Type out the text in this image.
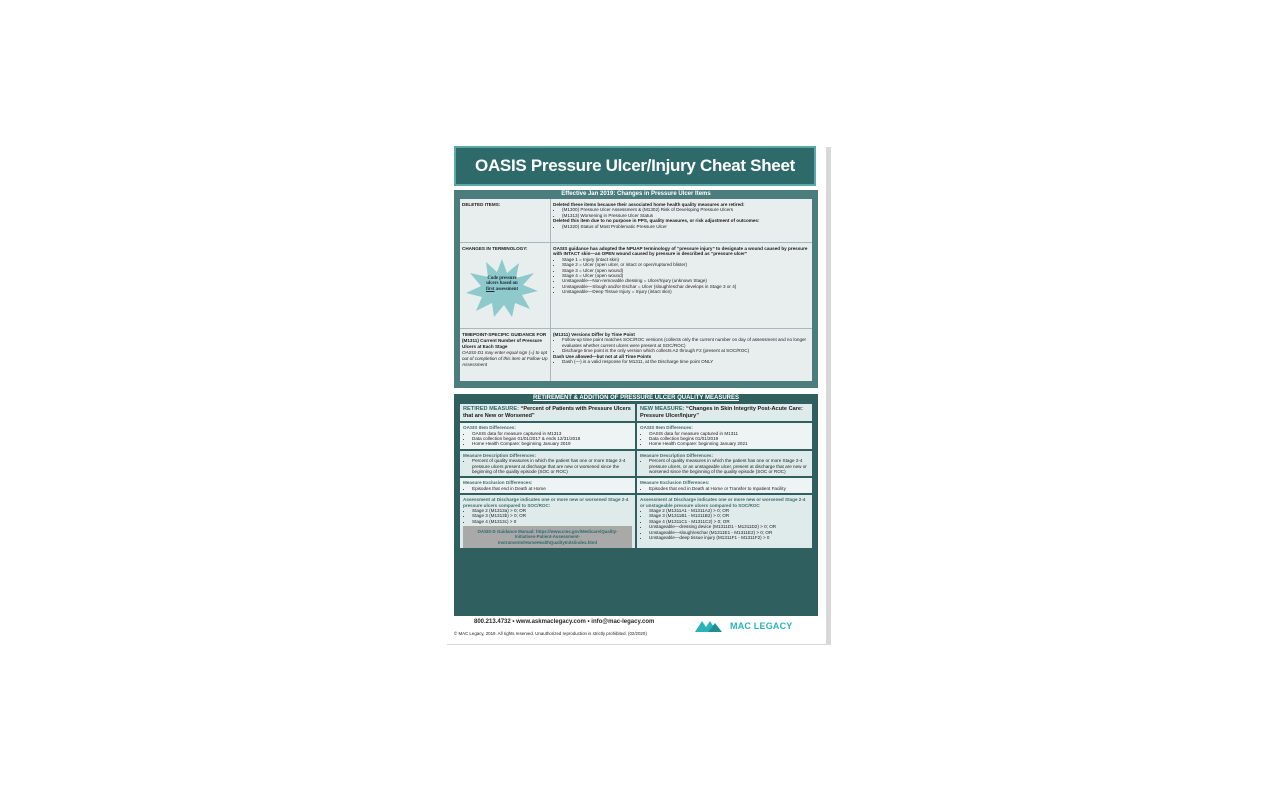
OASIS Pressure Ulcer/Injury Cheat Sheet
Effective Jan 2019: Changes in Pressure Ulcer Items
DELETED ITEMS:	Deleted these items because their associated home health quality measures are retired:
• (M1300) Pressure Ulcer Assessment & (M1302) Risk of Developing Pressure Ulcers
• (M1313) Worsening in Pressure Ulcer Status
Deleted this item due to no purpose in PPS, quality measures, or risk adjustment of outcomes:
• (M1320) Status of Most Problematic Pressure Ulcer
CHANGES IN TERMINOLOGY:
Code pressure
ulcers based on
first assessment
OASIS guidance has adopted the NPUAP terminology of “pressure injury” to designate a wound caused by pressure with INTACT skin—an OPEN wound caused by pressure is described as “pressure ulcer”
• Stage 1 = Injury (intact skin)
• Stage 2 = Ulcer (open ulcer, or intact or open/ruptured blister)
• Stage 3 = Ulcer (open wound)
• Stage 4 = Ulcer (open wound)
• Unstageable—Non-removable dressing = Ulcer/Injury (unknown Stage)
• Unstageable—Slough and/or Eschar = Ulcer (slough/eschar develops in Stage 3 or 4)
• Unstageable—Deep Tissue Injury = Injury (intact skin)
TIMEPOINT-SPECIFIC GUIDANCE FOR (M1311) Current Number of Pressure Ulcers at Each Stage
OASIS-D1 may enter equal sign (=) to opt out of completion of this item at Follow-Up Assessment
(M1311) Versions Differ by Time Point
• Follow-up time point matches SOC/ROC versions (collects only the current number on day of assessment and no longer evaluates whether current ulcers were present at SOC/ROC)
• Discharge time point is the only version which collects A2 through F2 (present at SOC/ROC)
Dash Use allowed—but not at all Time Points
• Dash (—) is a valid response for M1311, at the Discharge time point ONLY
RETIREMENT & ADDITION OF PRESSURE ULCER QUALITY MEASURES
RETIRED MEASURE: “Percent of Patients with Pressure Ulcers that are New or Worsened”
NEW MEASURE: “Changes in Skin Integrity Post-Acute Care: Pressure Ulcer/Injury”
OASIS Item Differences:
• OASIS data for measure captured in M1313
• Data collection began 01/01/2017 & ends 12/31/2018
• Home Health Compare: beginning January 2019
OASIS Item Differences:
• OASIS data for measure captured in M1311
• Data collection begins 01/01/2019
• Home Health Compare: beginning January 2021
Measure Description Differences:
• Percent of quality measures in which the patient has one or more Stage 2-4 pressure ulcers present at discharge that are new or worsened since the beginning of the quality episode (SOC or ROC)
Measure Description Differences:
• Percent of quality measures in which the patient has one or more Stage 2-4 pressure ulcers, or an unstageable ulcer, present at discharge that are new or worsened since the beginning of the quality episode (SOC or ROC)
Measure Exclusion Differences:
• Episodes that end in Death at Home
Measure Exclusion Differences:
• Episodes that end in Death at Home or Transfer to Inpatient Facility
Assessment at Discharge indicates one or more new or worsened Stage 2-4 pressure ulcers compared to SOC/ROC:
• Stage 2 (M1313a) > 0; OR
• Stage 3 (M1313b) > 0; OR
• Stage 4 (M1313c) > 0
OASIS-D Guidance Manual: https://www.cms.gov/Medicare/Quality-Initiatives-Patient-Assessment-Instruments/HomeHealthQualityInits/index.html
Assessment at Discharge indicates one or more new or worsened Stage 2-4 or unstageable pressure ulcers compared to SOC/ROC
• Stage 2 (M1311A1 - M1311A2) > 0; OR
• Stage 3 (M1311B1 - M1311B2) > 0; OR
• Stage 4 (M1311C1 - M1311C2) > 0; OR
• Unstageable—dressing device (M1311D1 - M1311D2) > 0; OR
• Unstageable—slough/eschar (M1311E1 - M1311E2) > 0; OR
• Unstageable—deep tissue injury (M1311F1 - M1311F2) > 0
800.213.4732 • www.askmaclegacy.com • info@mac-legacy.com
© MAC Legacy, 2019. All rights reserved. Unauthorized reproduction is strictly prohibited. (02/2020)
MAC LEGACY
